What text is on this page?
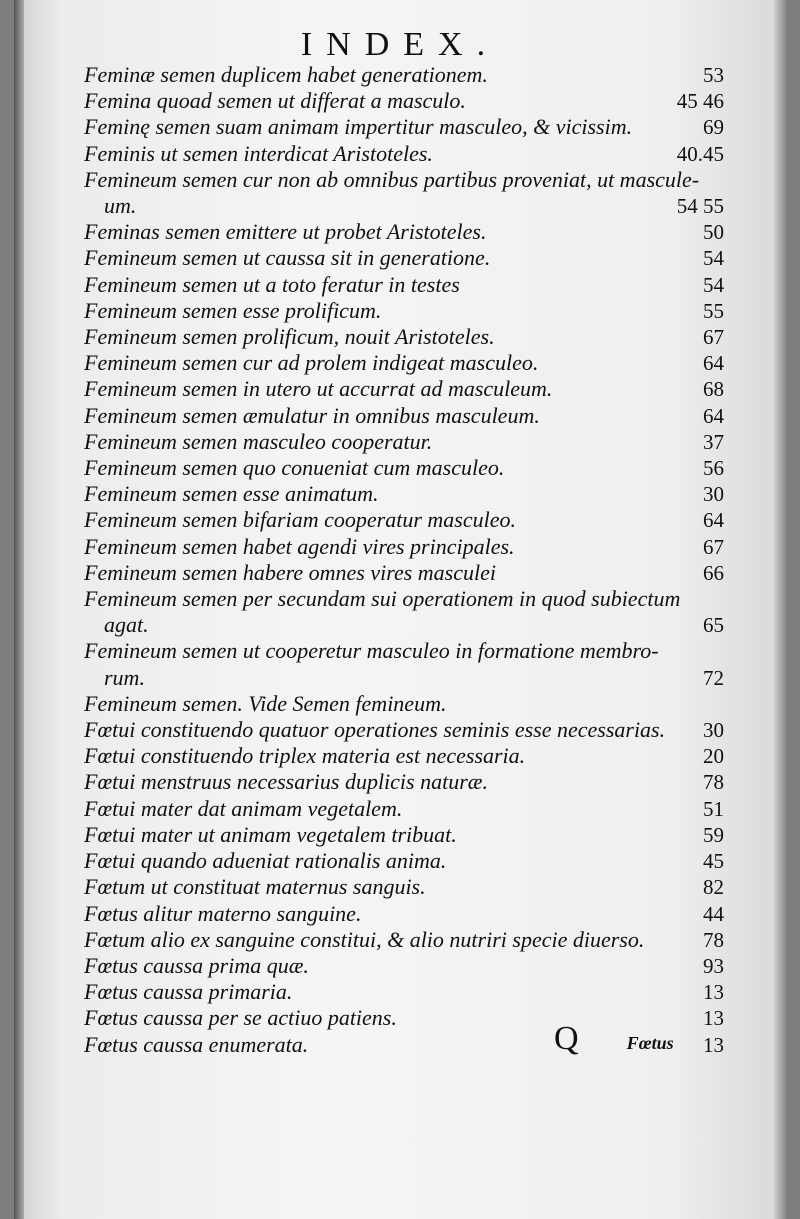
INDEX.
Feminæ semen duplicem habet generationem.	53
Femina quoad semen ut differat a masculo.	45 46
Feminę semen suam animam impertitur masculeo, & vicissim.	69
Feminis ut semen interdicat Aristoteles.	40.45
Femineum semen cur non ab omnibus partibus proveniat, ut mascule-
um.	54 55
Feminas semen emittere ut probet Aristoteles.	50
Femineum semen ut caussa sit in generatione.	54
Femineum semen ut a toto feratur in testes	54
Femineum semen esse prolificum.	55
Femineum semen prolificum, nouit Aristoteles.	67
Femineum semen cur ad prolem indigeat masculeo.	64
Femineum semen in utero ut accurrat ad masculeum.	68
Femineum semen æmulatur in omnibus masculeum.	64
Femineum semen masculeo cooperatur.	37
Femineum semen quo conueniat cum masculeo.	56
Femineum semen esse animatum.	30
Femineum semen bifariam cooperatur masculeo.	64
Femineum semen habet agendi vires principales.	67
Femineum semen habere omnes vires masculei	66
Femineum semen per secundam sui operationem in quod subiectum
agat.	65
Femineum semen ut cooperetur masculeo in formatione membro-
rum.	72
Femineum semen. Vide Semen femineum.
Fœtui constituendo quatuor operationes seminis esse necessarias.	30
Fœtui constituendo triplex materia est necessaria.	20
Fœtui menstruus necessarius duplicis naturæ.	78
Fœtui mater dat animam vegetalem.	51
Fœtui mater ut animam vegetalem tribuat.	59
Fœtui quando adueniat rationalis anima.	45
Fœtum ut constituat maternus sanguis.	82
Fœtus alitur materno sanguine.	44
Fœtum alio ex sanguine constitui, & alio nutriri specie diuerso.	78
Fœtus caussa prima quæ.	93
Fœtus caussa primaria.	13
Fœtus caussa per se actiuo patiens.	13
Fœtus caussa enumerata.	13
Q	Fœtus
